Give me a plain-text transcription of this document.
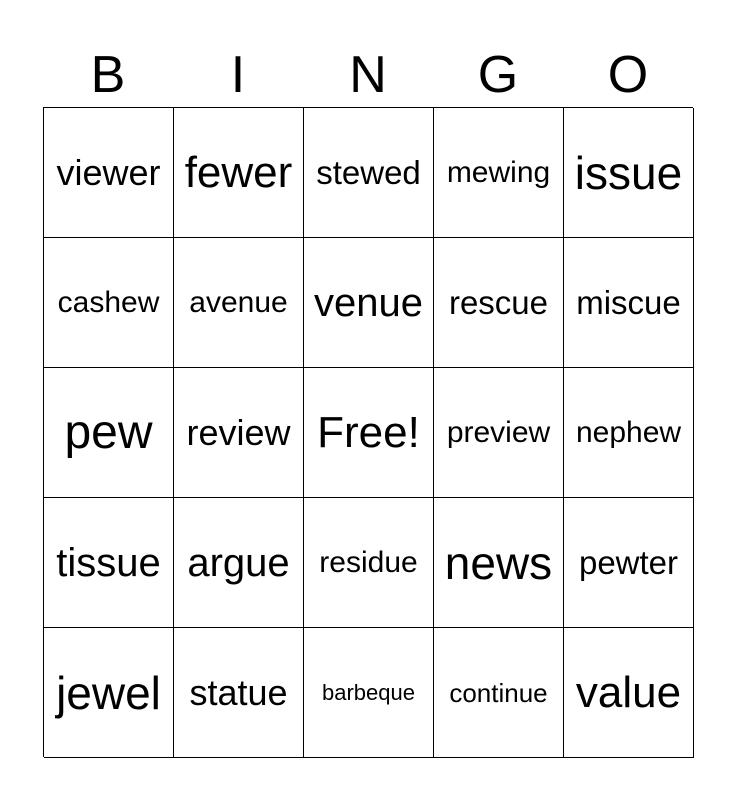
B	I	N	G	O
viewer fewer stewed mewing issue
cashew avenue venue rescue miscue
pew review Free! preview nephew
tissue argue residue news pewter
jewel statue	barbeque	continue value
